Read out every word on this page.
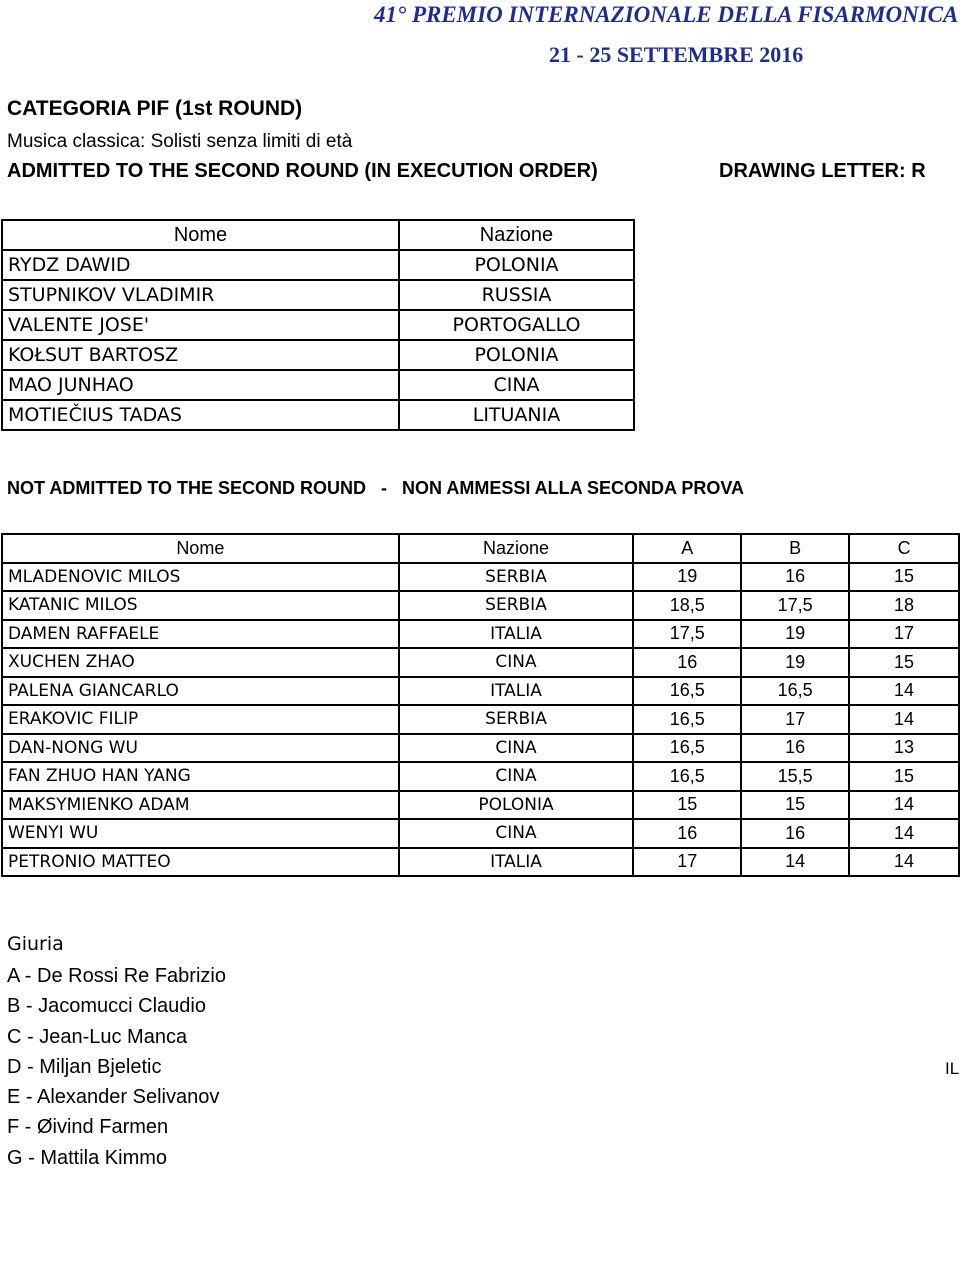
41° PREMIO INTERNAZIONALE DELLA FISARMONICA
21 - 25 SETTEMBRE 2016
CATEGORIA PIF (1st ROUND)
Musica classica: Solisti senza limiti di età
ADMITTED TO THE SECOND ROUND (IN EXECUTION ORDER)	DRAWING LETTER: R
Nome	Nazione
RYDZ DAWID	POLONIA
STUPNIKOV VLADIMIR	RUSSIA
VALENTE JOSE'	PORTOGALLO
KOŁSUT BARTOSZ	POLONIA
MAO JUNHAO	CINA
MOTIEČIUS TADAS	LITUANIA
NOT ADMITTED TO THE SECOND ROUND   -   NON AMMESSI ALLA SECONDA PROVA
Nome	Nazione	A	B	C
MLADENOVIC MILOS	SERBIA	19	16	15
KATANIC MILOS	SERBIA	18,5	17,5	18
DAMEN RAFFAELE	ITALIA	17,5	19	17
XUCHEN ZHAO	CINA	16	19	15
PALENA GIANCARLO	ITALIA	16,5	16,5	14
ERAKOVIC FILIP	SERBIA	16,5	17	14
DAN-NONG WU	CINA	16,5	16	13
FAN ZHUO HAN YANG	CINA	16,5	15,5	15
MAKSYMIENKO ADAM	POLONIA	15	15	14
WENYI WU	CINA	16	16	14
PETRONIO MATTEO	ITALIA	17	14	14
Giuria
A - De Rossi Re Fabrizio
B - Jacomucci Claudio
C - Jean-Luc Manca
D - Miljan Bjeletic
E - Alexander Selivanov
F - Øivind Farmen
G - Mattila Kimmo
IL
